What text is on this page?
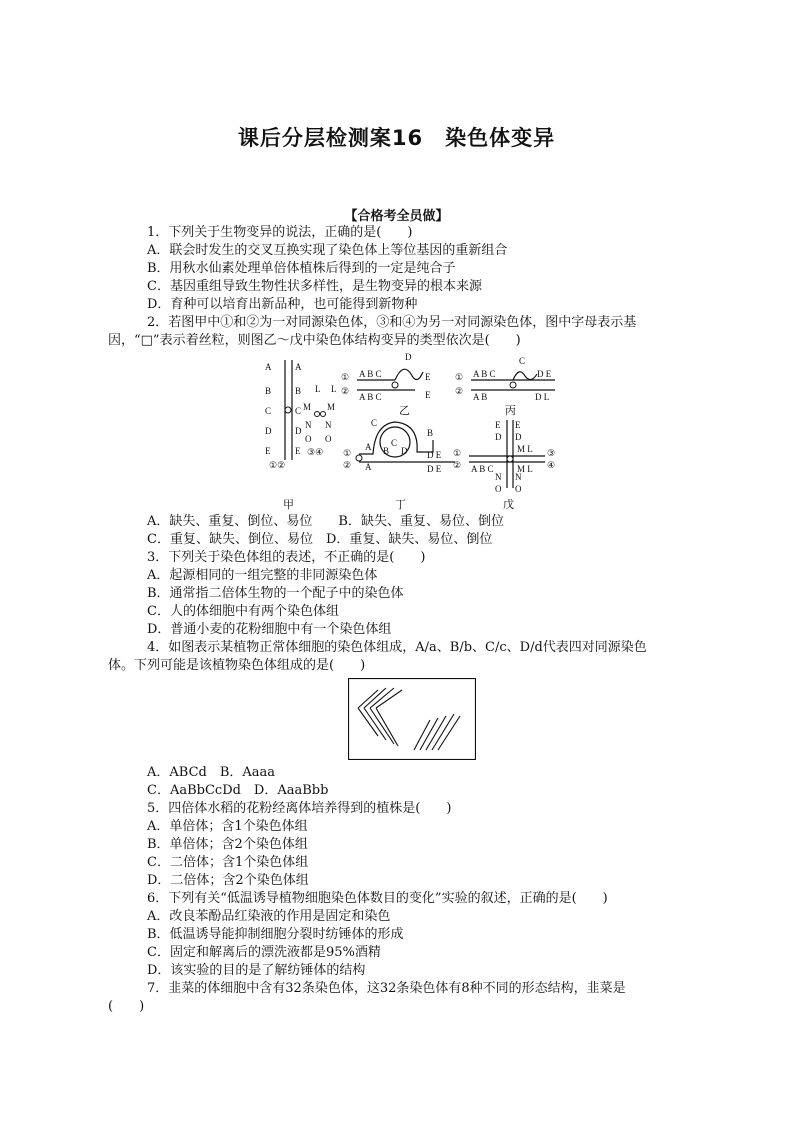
课后分层检测案16　染色体变异
【合格考全员做】
1．下列关于生物变异的说法，正确的是(　　)
A．联会时发生的交叉互换实现了染色体上等位基因的重新组合
B．用秋水仙素处理单倍体植株后得到的一定是纯合子
C．基因重组导致生物性状多样性，是生物变异的根本来源
D．育种可以培育出新品种，也可能得到新物种
2．若图甲中①和②为一对同源染色体，③和④为另一对同源染色体，图中字母表示基
因，“□”表示着丝粒，则图乙～戊中染色体结构变异的类型依次是(　　)
A
B
C
D
E
A
B
C
D
E
L L
M M
N N
O O
①②
③④
甲
①
②
A B C
A B C
D
E
E
乙
①
②
A B C
A B
C
D E
D L
丙
①
②
A
A
C
C
B D
B
D E
D E
丁
①
②
③
④
E
D
E
D
A B C
M L
M L
N
O
N
O
戊
A．缺失、重复、倒位、易位　　B．缺失、重复、易位、倒位
C．重复、缺失、倒位、易位　D．重复、缺失、易位、倒位
3．下列关于染色体组的表述，不正确的是(　　)
A．起源相同的一组完整的非同源染色体
B．通常指二倍体生物的一个配子中的染色体
C．人的体细胞中有两个染色体组
D．普通小麦的花粉细胞中有一个染色体组
4．如图表示某植物正常体细胞的染色体组成，A/a、B/b、C/c、D/d代表四对同源染色
体。下列可能是该植物染色体组成的是(　　)
A．ABCd　B．Aaaa
C．AaBbCcDd　D．AaaBbb
5．四倍体水稻的花粉经离体培养得到的植株是(　　)
A．单倍体；含1个染色体组
B．单倍体；含2个染色体组
C．二倍体；含1个染色体组
D．二倍体；含2个染色体组
6．下列有关“低温诱导植物细胞染色体数目的变化”实验的叙述，正确的是(　　)
A．改良苯酚品红染液的作用是固定和染色
B．低温诱导能抑制细胞分裂时纺锤体的形成
C．固定和解离后的漂洗液都是95%酒精
D．该实验的目的是了解纺锤体的结构
7．韭菜的体细胞中含有32条染色体，这32条染色体有8种不同的形态结构，韭菜是
(　　)
